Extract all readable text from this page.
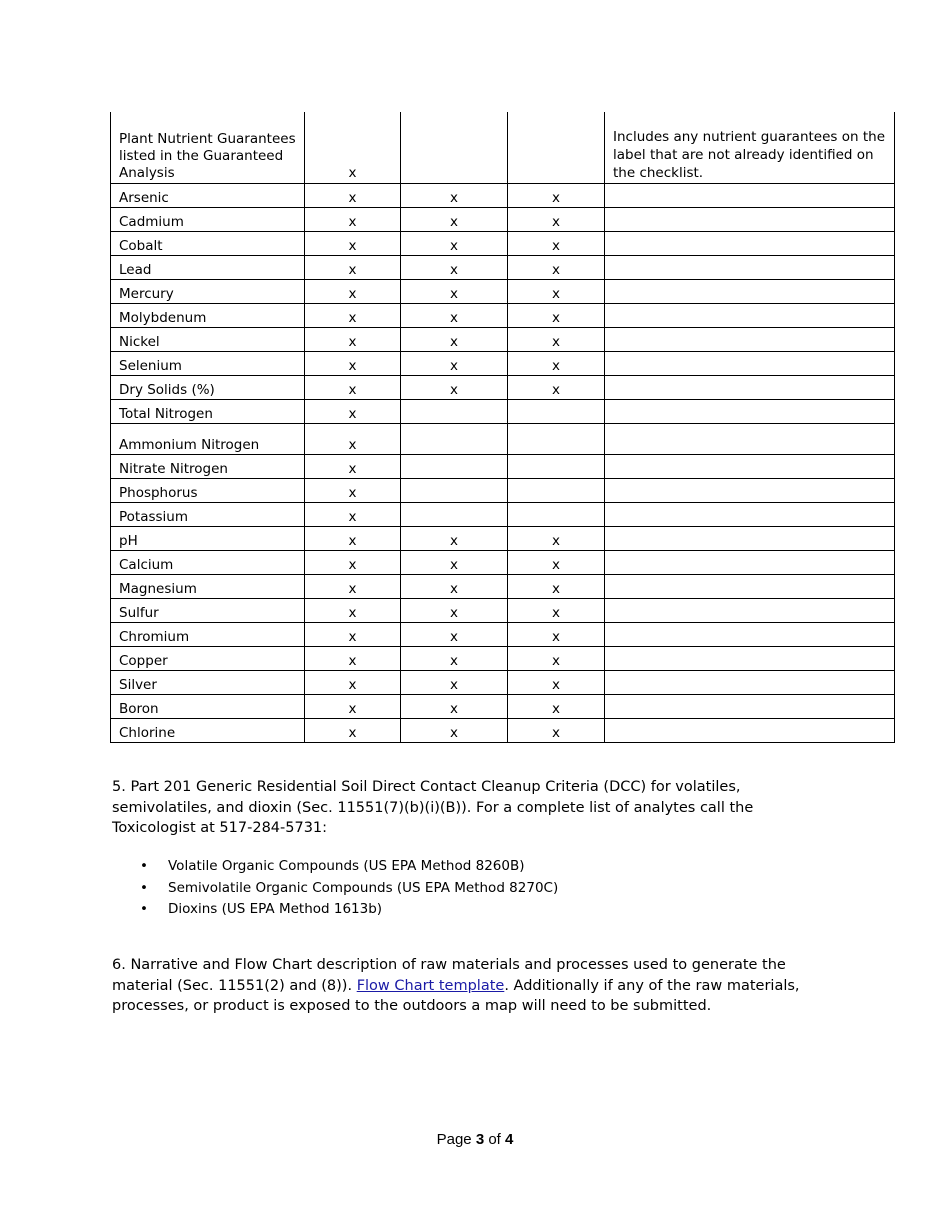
Plant Nutrient Guarantees listed in the Guaranteed Analysis	x			Includes any nutrient guarantees on the label that are not already identified on the checklist.
Arsenic	x	x	x	
Cadmium	x	x	x	
Cobalt	x	x	x	
Lead	x	x	x	
Mercury	x	x	x	
Molybdenum	x	x	x	
Nickel	x	x	x	
Selenium	x	x	x	
Dry Solids (%)	x	x	x	
Total Nitrogen	x			
Ammonium Nitrogen	x			
Nitrate Nitrogen	x			
Phosphorus	x			
Potassium	x			
pH	x	x	x	
Calcium	x	x	x	
Magnesium	x	x	x	
Sulfur	x	x	x	
Chromium	x	x	x	
Copper	x	x	x	
Silver	x	x	x	
Boron	x	x	x	
Chlorine	x	x	x	
5. Part 201 Generic Residential Soil Direct Contact Cleanup Criteria (DCC) for volatiles, semivolatiles, and dioxin (Sec. 11551(7)(b)(i)(B)). For a complete list of analytes call the Toxicologist at 517-284-5731:
• Volatile Organic Compounds (US EPA Method 8260B)
• Semivolatile Organic Compounds (US EPA Method 8270C)
• Dioxins (US EPA Method 1613b)
6. Narrative and Flow Chart description of raw materials and processes used to generate the material (Sec. 11551(2) and (8)). Flow Chart template. Additionally if any of the raw materials, processes, or product is exposed to the outdoors a map will need to be submitted.
Page 3 of 4
